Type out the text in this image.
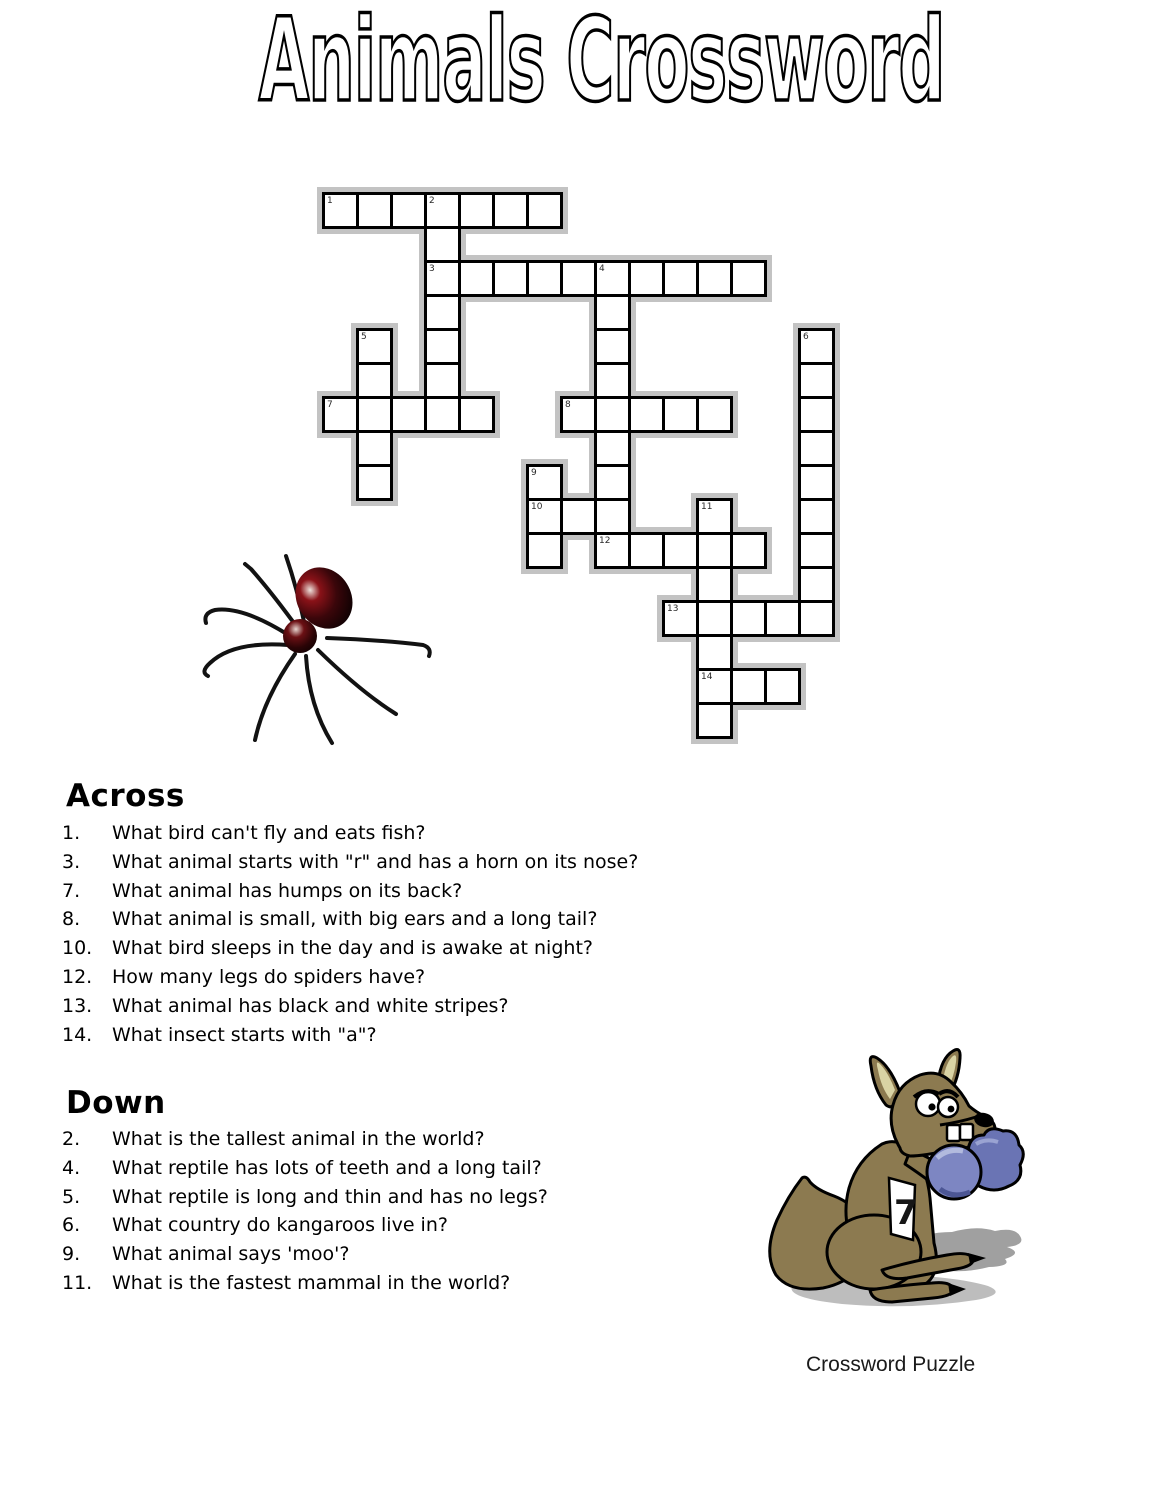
Animals Crossword
1	2
3	4
5	6
7	8
9
10	11
12
13
14
Across
1.	What bird can't fly and eats fish?
3.	What animal starts with "r" and has a horn on its nose?
7.	What animal has humps on its back?
8.	What animal is small, with big ears and a long tail?
10.	What bird sleeps in the day and is awake at night?
12.	How many legs do spiders have?
13.	What animal has black and white stripes?
14.	What insect starts with "a"?
Down
2.	What is the tallest animal in the world?
4.	What reptile has lots of teeth and a long tail?
5.	What reptile is long and thin and has no legs?
6.	What country do kangaroos live in?
9.	What animal says 'moo'?
11.	What is the fastest mammal in the world?
7
Crossword Puzzle
